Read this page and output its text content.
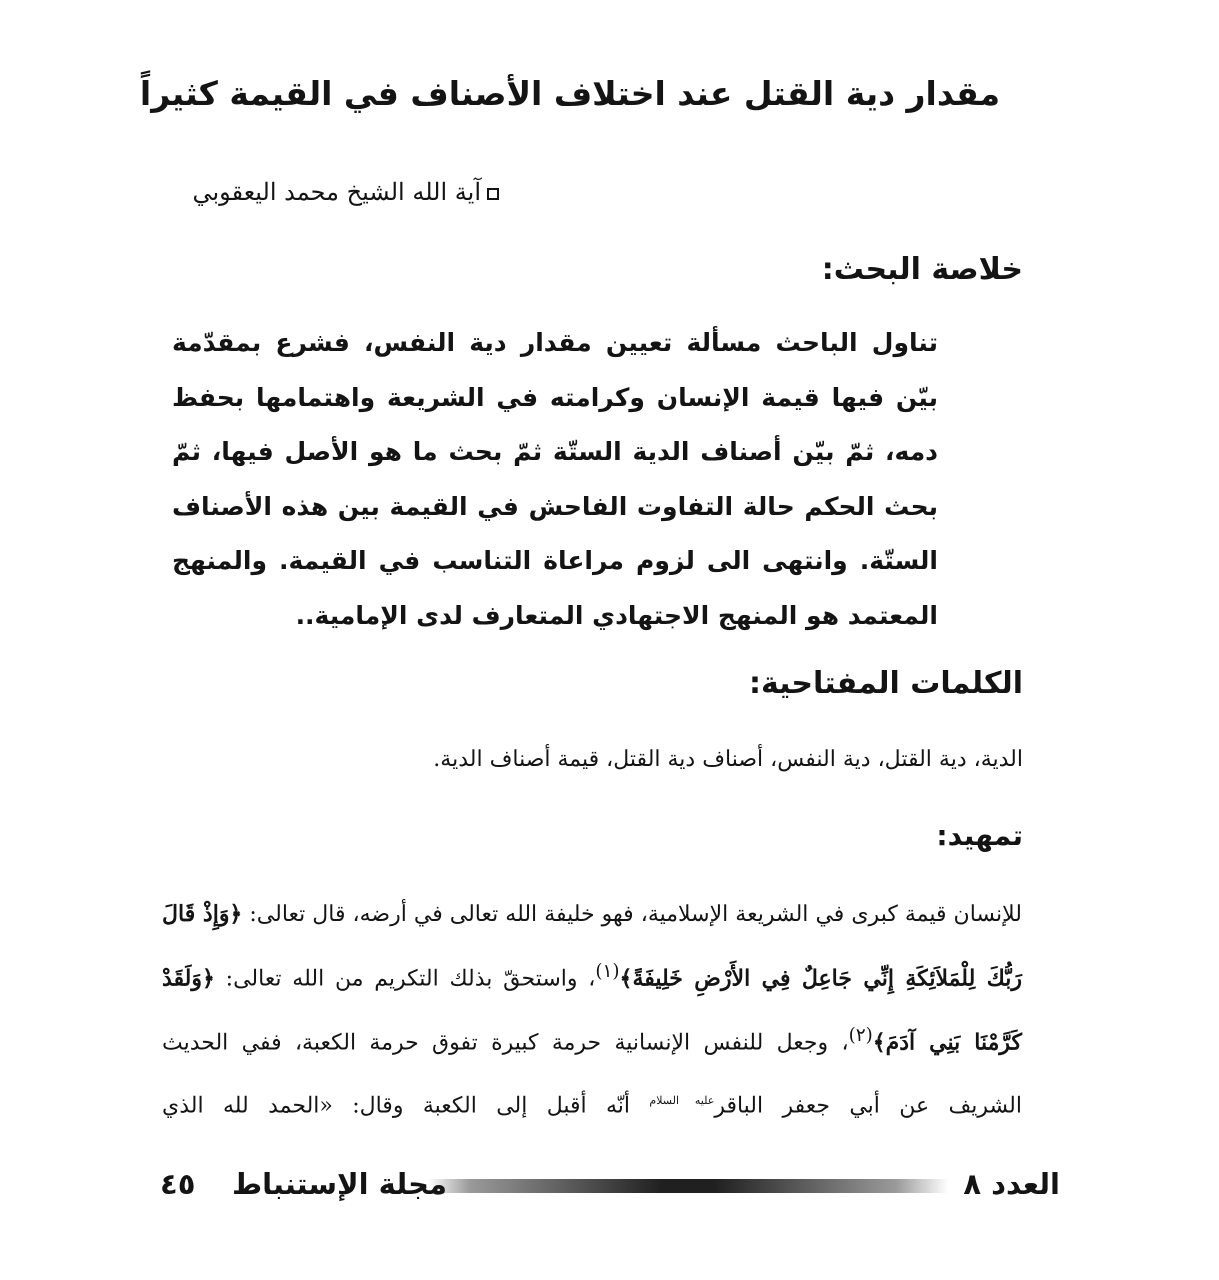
مقدار دية القتل عند اختلاف الأصناف في القيمة كثيراً
آية الله الشيخ محمد اليعقوبي
خلاصة البحث:

تناول الباحث مسألة تعيين مقدار دية النفس، فشرع بمقدّمة بيّن فيها قيمة الإنسان وكرامته في الشريعة واهتمامها بحفظ دمه، ثمّ بيّن أصناف الدية الستّة ثمّ بحث ما هو الأصل فيها، ثمّ بحث الحكم حالة التفاوت الفاحش في القيمة بين هذه الأصناف الستّة. وانتهى الى لزوم مراعاة التناسب في القيمة. والمنهج المعتمد هو المنهج الاجتهادي المتعارف لدى الإمامية..

الكلمات المفتاحية:

الدية، دية القتل، دية النفس، أصناف دية القتل، قيمة أصناف الدية.

تمهيد:

للإنسان قيمة كبرى في الشريعة الإسلامية، فهو خليفة الله تعالى في أرضه، قال تعالى: ﴿وَإِذْ قَالَ رَبُّكَ لِلْمَلاَئِكَةِ إِنِّي جَاعِلٌ فِي الأَرْضِ خَلِيفَةً﴾$^{(١)}$، واستحقّ بذلك التكريم من الله تعالى: ﴿وَلَقَدْ كَرَّمْنَا بَنِي آدَمَ﴾$^{(٢)}$، وجعل للنفس الإنسانية حرمة كبيرة تفوق حرمة الكعبة، ففي الحديث الشريف عن أبي جعفر الباقر$^{عليه السلام}$ أنّه أقبل إلى الكعبة وقال: «الحمد لله الذي

العدد ٨
مجلة الإستنباط
٤٥
